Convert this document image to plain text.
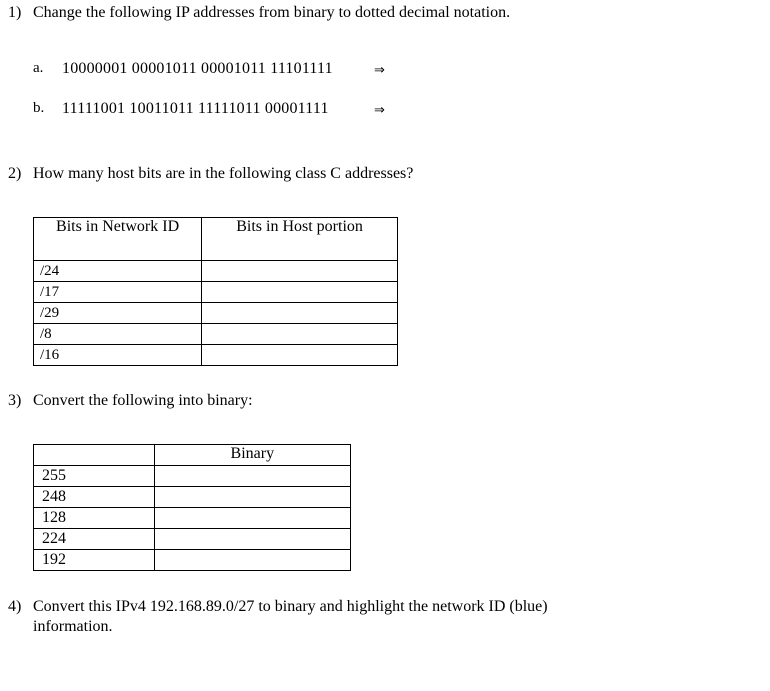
1) Change the following IP addresses from binary to dotted decimal notation.
a. 10000001 00001011 00001011 11101111	⇒
b. 11111001 10011011 11111011 00001111	⇒
2) How many host bits are in the following class C addresses?
Bits in Network ID	Bits in Host portion
/24	
/17	
/29	
/8	
/16	
3) Convert the following into binary:
	Binary
255	
248	
128	
224	
192	
4) Convert this IPv4 192.168.89.0/27 to binary and highlight the network ID (blue)
information.
